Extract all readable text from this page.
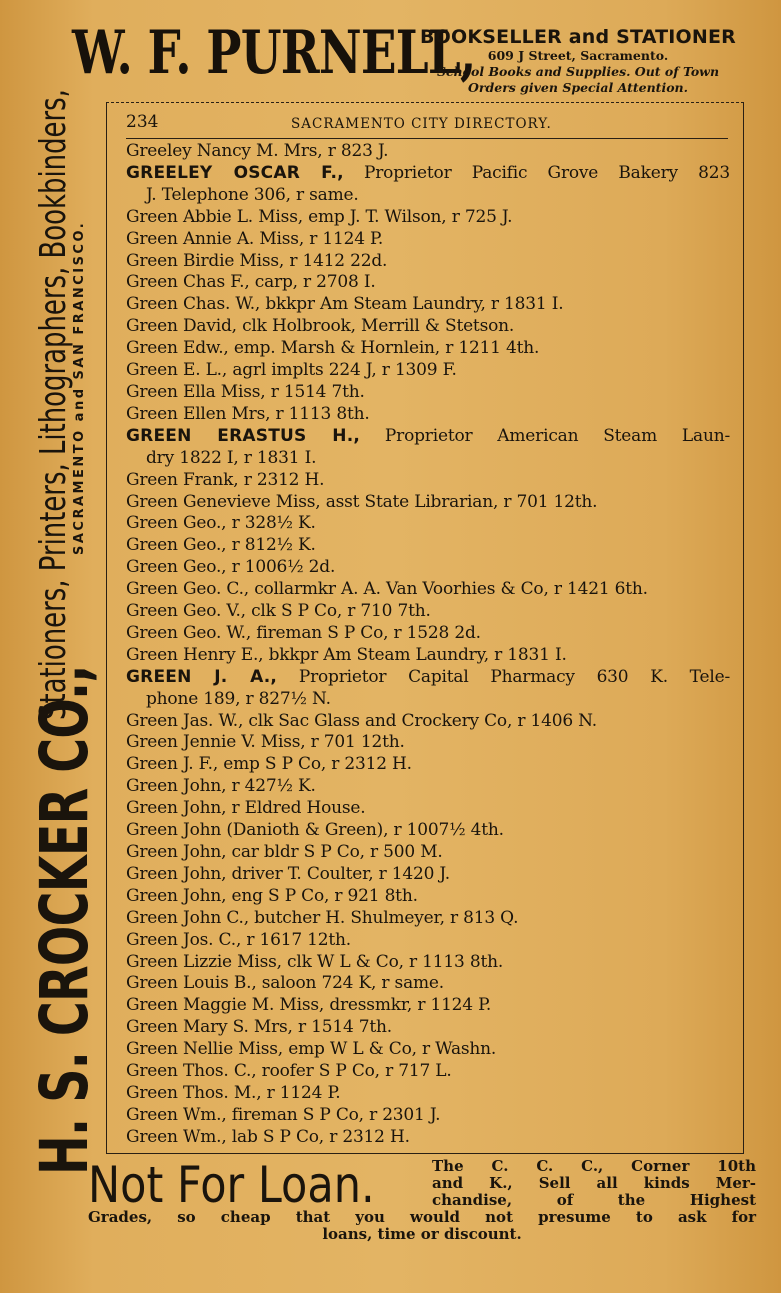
W. F. PURNELL,
BOOKSELLER and STATIONER
609 J Street, Sacramento.
School Books and Supplies. Out of Town
Orders given Special Attention.
H. S. CROCKER CO.,
Stationers, Printers, Lithographers, Bookbinders,
SACRAMENTO and SAN FRANCISCO.
234	SACRAMENTO CITY DIRECTORY.
Greeley Nancy M. Mrs, r 823 J.
GREELEY OSCAR F., Proprietor Pacific Grove Bakery 823
J. Telephone 306, r same.
Green Abbie L. Miss, emp J. T. Wilson, r 725 J.
Green Annie A. Miss, r 1124 P.
Green Birdie Miss, r 1412 22d.
Green Chas F., carp, r 2708 I.
Green Chas. W., bkkpr Am Steam Laundry, r 1831 I.
Green David, clk Holbrook, Merrill & Stetson.
Green Edw., emp. Marsh & Hornlein, r 1211 4th.
Green E. L., agrl implts 224 J, r 1309 F.
Green Ella Miss, r 1514 7th.
Green Ellen Mrs, r 1113 8th.
GREEN ERASTUS H., Proprietor American Steam Laun-
dry 1822 I, r 1831 I.
Green Frank, r 2312 H.
Green Genevieve Miss, asst State Librarian, r 701 12th.
Green Geo., r 328½ K.
Green Geo., r 812½ K.
Green Geo., r 1006½ 2d.
Green Geo. C., collarmkr A. A. Van Voorhies & Co, r 1421 6th.
Green Geo. V., clk S P Co, r 710 7th.
Green Geo. W., fireman S P Co, r 1528 2d.
Green Henry E., bkkpr Am Steam Laundry, r 1831 I.
GREEN J. A., Proprietor Capital Pharmacy 630 K. Tele-
phone 189, r 827½ N.
Green Jas. W., clk Sac Glass and Crockery Co, r 1406 N.
Green Jennie V. Miss, r 701 12th.
Green J. F., emp S P Co, r 2312 H.
Green John, r 427½ K.
Green John, r Eldred House.
Green John (Danioth & Green), r 1007½ 4th.
Green John, car bldr S P Co, r 500 M.
Green John, driver T. Coulter, r 1420 J.
Green John, eng S P Co, r 921 8th.
Green John C., butcher H. Shulmeyer, r 813 Q.
Green Jos. C., r 1617 12th.
Green Lizzie Miss, clk W L & Co, r 1113 8th.
Green Louis B., saloon 724 K, r same.
Green Maggie M. Miss, dressmkr, r 1124 P.
Green Mary S. Mrs, r 1514 7th.
Green Nellie Miss, emp W L & Co, r Washn.
Green Thos. C., roofer S P Co, r 717 L.
Green Thos. M., r 1124 P.
Green Wm., fireman S P Co, r 2301 J.
Green Wm., lab S P Co, r 2312 H.
Not For Loan.	The C. C. C., Corner 10th
and K., Sell all kinds Mer-
chandise, of the Highest
Grades, so cheap that you would not presume to ask for
loans, time or discount.
